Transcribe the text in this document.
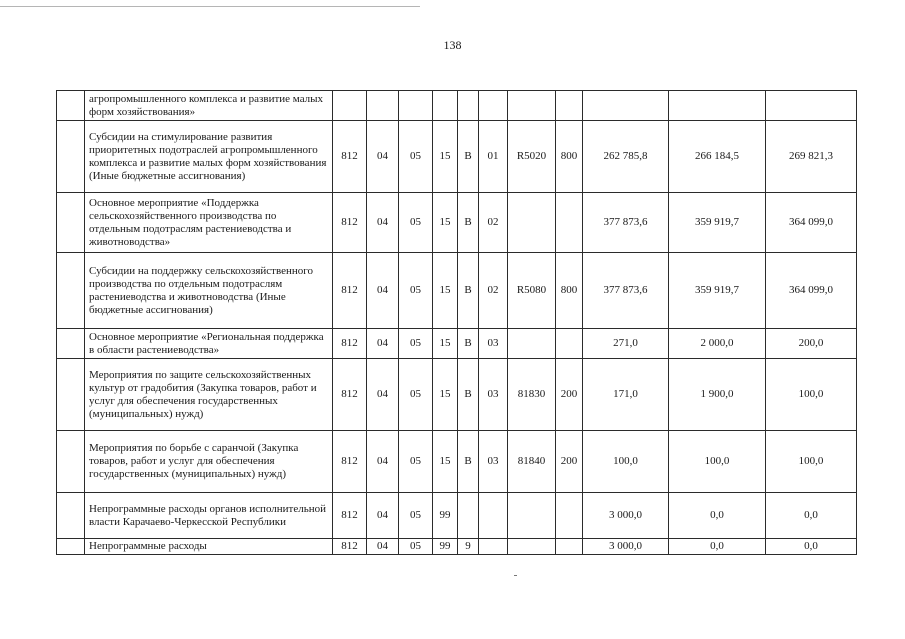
138
	агропромышленного комплекса и развитие малых форм хозяйствования»											
	Субсидии на стимулирование развития приоритетных подотраслей агропромышленного комплекса и развитие малых форм хозяйствования (Иные бюджетные ассигнования)	812	04	05	15	В	01	R5020	800	262 785,8	266 184,5	269 821,3
	Основное мероприятие «Поддержка сельскохозяйственного производства по отдельным подотраслям растениеводства и животноводства»	812	04	05	15	В	02			377 873,6	359 919,7	364 099,0
	Субсидии на поддержку сельскохозяйственного производства по отдельным подотраслям растениеводства и животноводства (Иные бюджетные ассигнования)	812	04	05	15	В	02	R5080	800	377 873,6	359 919,7	364 099,0
	Основное мероприятие «Региональная поддержка в области растениеводства»	812	04	05	15	В	03			271,0	2 000,0	200,0
	Мероприятия по защите сельскохозяйственных культур от градобития (Закупка товаров, работ и услуг для обеспечения государственных (муниципальных) нужд)	812	04	05	15	В	03	81830	200	171,0	1 900,0	100,0
	Мероприятия по борьбе с саранчой (Закупка товаров, работ и услуг для обеспечения государственных (муниципальных) нужд)	812	04	05	15	В	03	81840	200	100,0	100,0	100,0
	Непрограммные расходы органов исполнительной власти Карачаево-Черкесской Республики	812	04	05	99					3 000,0	0,0	0,0
	Непрограммные расходы	812	04	05	99	9				3 000,0	0,0	0,0
